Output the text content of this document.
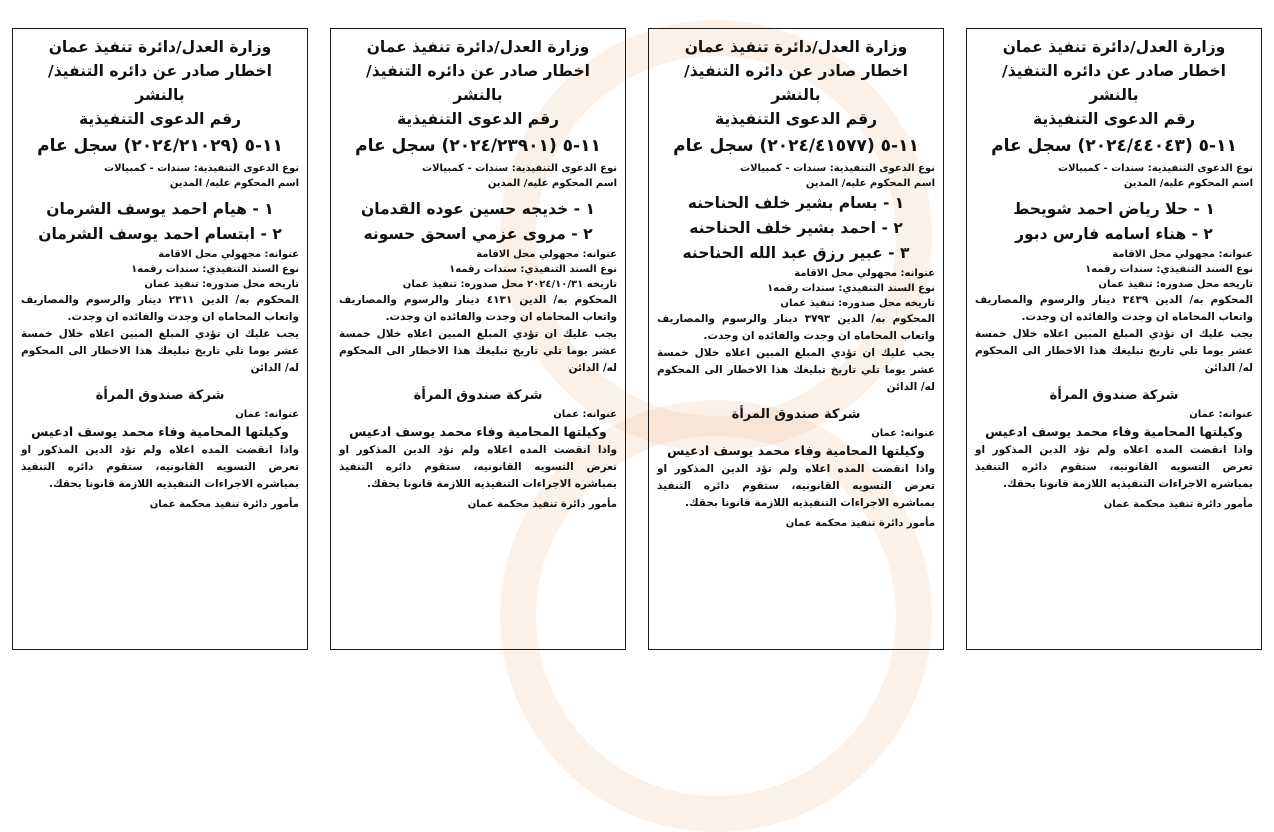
وزارة العدل/دائرة تنفيذ عمان
اخطار صادر عن دائره التنفيذ/ بالنشر
رقم الدعوى التنفيذية
١١-٥ (٢٠٢٤/٤٤٠٤٣) سجل عام
نوع الدعوى التنفيذية: سندات - كمبيالات
اسم المحكوم عليه/ المدين
١ - حلا رياض احمد شويحط
٢ - هناء اسامه فارس دبور
عنوانه: مجهولي محل الاقامة
نوع السند التنفيذي: سندات رقمه١
تاريخه محل صدوره: تنفيذ عمان
المحكوم به/ الدين ٣٤٣٩ دينار والرسوم والمصاريف واتعاب المحاماه ان وجدت والفائده ان وجدت.
يجب عليك ان تؤدي المبلغ المبين اعلاه خلال خمسة عشر يوما تلي تاريخ تبليغك هذا الاخطار الى المحكوم له/ الدائن
شركة صندوق المرأة
عنوانه: عمان
وكيلتها المحامية وفاء محمد يوسف ادعيس
واذا انقضت المده اعلاه ولم تؤد الدين المذكور او تعرض التسويه القانونيه، ستقوم دائره التنفيذ بمباشره الاجراءات التنفيذيه اللازمة قانونا بحقك.
مأمور دائرة تنفيذ محكمة عمان
وزارة العدل/دائرة تنفيذ عمان
اخطار صادر عن دائره التنفيذ/ بالنشر
رقم الدعوى التنفيذية
١١-٥ (٢٠٢٤/٤١٥٧٧) سجل عام
نوع الدعوى التنفيذية: سندات - كمبيالات
اسم المحكوم عليه/ المدين
١ - بسام بشير خلف الحناحنه
٢ - احمد بشير خلف الحناحنه
٣ - عبير رزق عبد الله الحناحنه
عنوانه: مجهولي محل الاقامة
نوع السند التنفيذي: سندات رقمه١
تاريخه محل صدوره: تنفيذ عمان
المحكوم به/ الدين ٣٧٩٣ دينار والرسوم والمصاريف واتعاب المحاماه ان وجدت والفائده ان وجدت.
يجب عليك ان تؤدي المبلغ المبين اعلاه خلال خمسة عشر يوما تلي تاريخ تبليغك هذا الاخطار الى المحكوم له/ الدائن
شركة صندوق المرأة
عنوانه: عمان
وكيلتها المحامية وفاء محمد يوسف ادعيس
واذا انقضت المده اعلاه ولم تؤد الدين المذكور او تعرض التسويه القانونيه، ستقوم دائره التنفيذ بمباشره الاجراءات التنفيذيه اللازمة قانونا بحقك.
مأمور دائرة تنفيذ محكمة عمان
وزارة العدل/دائرة تنفيذ عمان
اخطار صادر عن دائره التنفيذ/ بالنشر
رقم الدعوى التنفيذية
١١-٥ (٢٠٢٤/٢٣٩٠١) سجل عام
نوع الدعوى التنفيذية: سندات - كمبيالات
اسم المحكوم عليه/ المدين
١ - خديجه حسين عوده القدمان
٢ - مروى عزمي اسحق حسونه
عنوانه: مجهولي محل الاقامة
نوع السند التنفيذي: سندات رقمه١
تاريخه ٢٠٢٤/١٠/٣١ محل صدوره: تنفيذ عمان
المحكوم به/ الدين ٤١٣١ دينار والرسوم والمصاريف واتعاب المحاماه ان وجدت والفائده ان وجدت.
يجب عليك ان تؤدي المبلغ المبين اعلاه خلال خمسة عشر يوما تلي تاريخ تبليغك هذا الاخطار الى المحكوم له/ الدائن
شركة صندوق المرأة
عنوانه: عمان
وكيلتها المحامية وفاء محمد يوسف ادعيس
واذا انقضت المده اعلاه ولم تؤد الدين المذكور او تعرض التسويه القانونيه، ستقوم دائره التنفيذ بمباشره الاجراءات التنفيذيه اللازمة قانونا بحقك.
مأمور دائرة تنفيذ محكمة عمان
وزارة العدل/دائرة تنفيذ عمان
اخطار صادر عن دائره التنفيذ/ بالنشر
رقم الدعوى التنفيذية
١١-٥ (٢٠٢٤/٢١٠٢٩) سجل عام
نوع الدعوى التنفيذية: سندات - كمبيالات
اسم المحكوم عليه/ المدين
١ - هيام احمد يوسف الشرمان
٢ - ابتسام احمد يوسف الشرمان
عنوانه: مجهولي محل الاقامة
نوع السند التنفيذي: سندات رقمه١
تاريخه محل صدوره: تنفيذ عمان
المحكوم به/ الدين ٢٣١١ دينار والرسوم والمصاريف واتعاب المحاماه ان وجدت والفائده ان وجدت.
يجب عليك ان تؤدي المبلغ المبين اعلاه خلال خمسة عشر يوما تلي تاريخ تبليغك هذا الاخطار الى المحكوم له/ الدائن
شركة صندوق المرأة
عنوانه: عمان
وكيلتها المحامية وفاء محمد يوسف ادعيس
واذا انقضت المده اعلاه ولم تؤد الدين المذكور او تعرض التسويه القانونيه، ستقوم دائره التنفيذ بمباشره الاجراءات التنفيذيه اللازمة قانونا بحقك.
مأمور دائرة تنفيذ محكمة عمان
